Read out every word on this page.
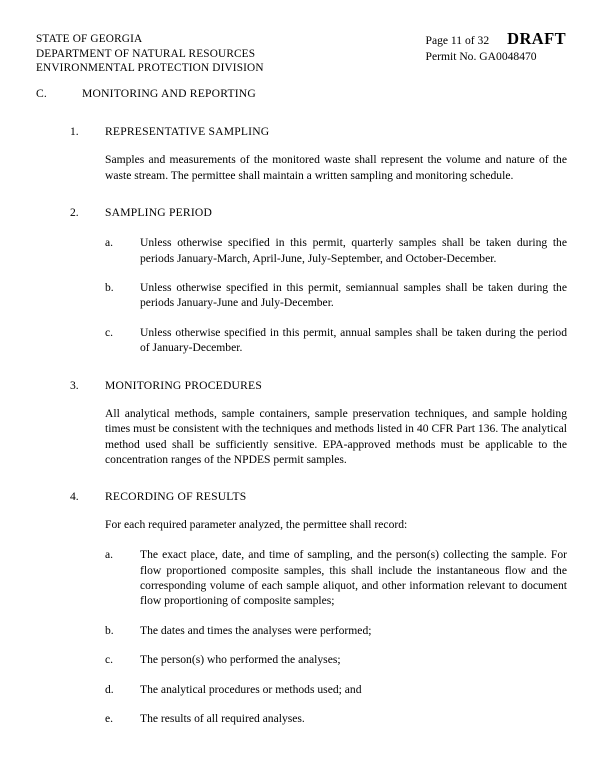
STATE OF GEORGIA
DEPARTMENT OF NATURAL RESOURCES
ENVIRONMENTAL PROTECTION DIVISION
Page 11 of 32 DRAFT
Permit No. GA0048470
C.	MONITORING AND REPORTING
1. REPRESENTATIVE SAMPLING
Samples and measurements of the monitored waste shall represent the volume and nature of the waste stream. The permittee shall maintain a written sampling and monitoring schedule.
2. SAMPLING PERIOD
a. Unless otherwise specified in this permit, quarterly samples shall be taken during the periods January-March, April-June, July-September, and October-December.
b. Unless otherwise specified in this permit, semiannual samples shall be taken during the periods January-June and July-December.
c. Unless otherwise specified in this permit, annual samples shall be taken during the period of January-December.
3. MONITORING PROCEDURES
All analytical methods, sample containers, sample preservation techniques, and sample holding times must be consistent with the techniques and methods listed in 40 CFR Part 136. The analytical method used shall be sufficiently sensitive. EPA-approved methods must be applicable to the concentration ranges of the NPDES permit samples.
4. RECORDING OF RESULTS
For each required parameter analyzed, the permittee shall record:
a. The exact place, date, and time of sampling, and the person(s) collecting the sample. For flow proportioned composite samples, this shall include the instantaneous flow and the corresponding volume of each sample aliquot, and other information relevant to document flow proportioning of composite samples;
b. The dates and times the analyses were performed;
c. The person(s) who performed the analyses;
d. The analytical procedures or methods used; and
e. The results of all required analyses.
